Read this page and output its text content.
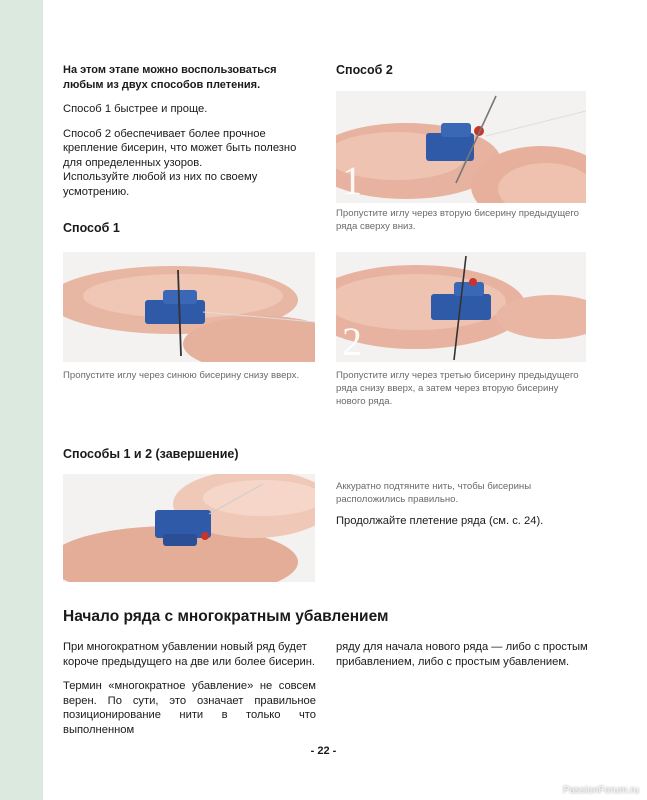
На этом этапе можно воспользоваться любым из двух способов плетения.

Способ 1 быстрее и проще.

Способ 2 обеспечивает более прочное крепление бисерин, что может быть полезно для определенных узоров.

Используйте любой из них по своему усмотрению.

Способ 2
1
Пропустите иглу через вторую бисерину предыдущего ряда сверху вниз.
Способ 1
Пропустите иглу через синюю бисерину снизу вверх.
2
Пропустите иглу через третью бисерину предыдущего ряда снизу вверх, а затем через вторую бисерину нового ряда.
Способы 1 и 2 (завершение)
Аккуратно подтяните нить, чтобы бисерины расположились правильно.
Продолжайте плетение ряда (см. с. 24).
Начало ряда с многократным убавлением

При многократном убавлении новый ряд будет короче предыдущего на две или более бисерин.

Термин «многократное убавление» не совсем верен. По сути, это означает правильное позиционирование нити в только что выполненном

ряду для начала нового ряда — либо с простым прибавлением, либо с простым убавлением.

- 22 -
PassionForum.ru
